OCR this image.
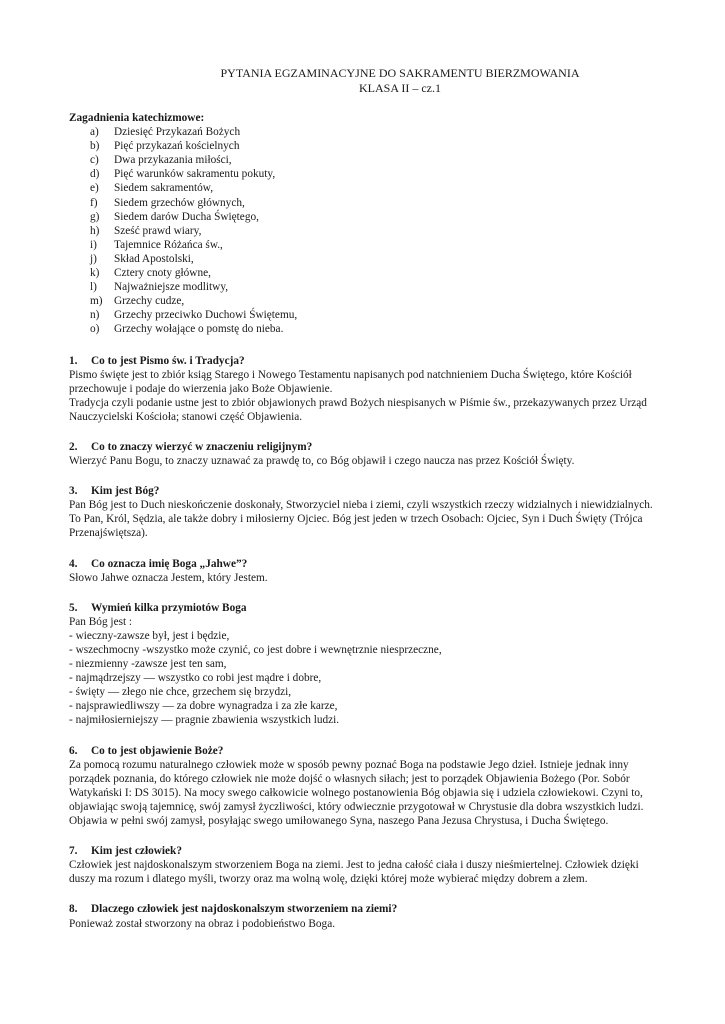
PYTANIA EGZAMINACYJNE DO SAKRAMENTU BIERZMOWANIA
KLASA II – cz.1
Zagadnienia katechizmowe:
a)	Dziesięć Przykazań Bożych
b)	Pięć przykazań kościelnych
c)	Dwa przykazania miłości,
d)	Pięć warunków sakramentu pokuty,
e)	Siedem sakramentów,
f)	Siedem grzechów głównych,
g)	Siedem darów Ducha Świętego,
h)	Sześć prawd wiary,
i)	Tajemnice Różańca św.,
j)	Skład Apostolski,
k)	Cztery cnoty główne,
l)	Najważniejsze modlitwy,
m)	Grzechy cudze,
n)	Grzechy przeciwko Duchowi Świętemu,
o)	Grzechy wołające o pomstę do nieba.
1.	Co to jest Pismo św. i Tradycja?

Pismo święte jest to zbiór ksiąg Starego i Nowego Testamentu napisanych pod natchnieniem Ducha Świętego, które Kościół przechowuje i podaje do wierzenia jako Boże Objawienie.

Tradycja czyli podanie ustne jest to zbiór objawionych prawd Bożych niespisanych w Piśmie św., przekazywanych przez Urząd Nauczycielski Kościoła; stanowi część Objawienia.

2.	Co to znaczy wierzyć w znaczeniu religijnym?

Wierzyć Panu Bogu, to znaczy uznawać za prawdę to, co Bóg objawił i czego naucza nas przez Kościół Święty.

3.	Kim jest Bóg?

Pan Bóg jest to Duch nieskończenie doskonały, Stworzyciel nieba i ziemi, czyli wszystkich rzeczy widzialnych i niewidzialnych. To Pan, Król, Sędzia, ale także dobry i miłosierny Ojciec. Bóg jest jeden w trzech Osobach: Ojciec, Syn i Duch Święty (Trójca Przenajświętsza).

4.	Co oznacza imię Boga „Jahwe”?

Słowo Jahwe oznacza Jestem, który Jestem.

5.	Wymień kilka przymiotów Boga

Pan Bóg jest :

- wieczny-zawsze był, jest i będzie,
- wszechmocny -wszystko może czynić, co jest dobre i wewnętrznie niesprzeczne,
- niezmienny -zawsze jest ten sam,
- najmądrzejszy — wszystko co robi jest mądre i dobre,
- święty — złego nie chce, grzechem się brzydzi,
- najsprawiedliwszy — za dobre wynagradza i za złe karze,
- najmiłosierniejszy — pragnie zbawienia wszystkich ludzi.
6.	Co to jest objawienie Boże?

Za pomocą rozumu naturalnego człowiek może w sposób pewny poznać Boga na podstawie Jego dzieł. Istnieje jednak inny porządek poznania, do którego człowiek nie może dojść o własnych siłach; jest to porządek Objawienia Bożego (Por. Sobór Watykański I: DS 3015). Na mocy swego całkowicie wolnego postanowienia Bóg objawia się i udziela człowiekowi. Czyni to, objawiając swoją tajemnicę, swój zamysł życzliwości, który odwiecznie przygotował w Chrystusie dla dobra wszystkich ludzi. Objawia w pełni swój zamysł, posyłając swego umiłowanego Syna, naszego Pana Jezusa Chrystusa, i Ducha Świętego.

7.	Kim jest człowiek?

Człowiek jest najdoskonalszym stworzeniem Boga na ziemi. Jest to jedna całość ciała i duszy nieśmiertelnej. Człowiek dzięki duszy ma rozum i dlatego myśli, tworzy oraz ma wolną wolę, dzięki której może wybierać między dobrem a złem.

8.	Dlaczego człowiek jest najdoskonalszym stworzeniem na ziemi?

Ponieważ został stworzony na obraz i podobieństwo Boga.
